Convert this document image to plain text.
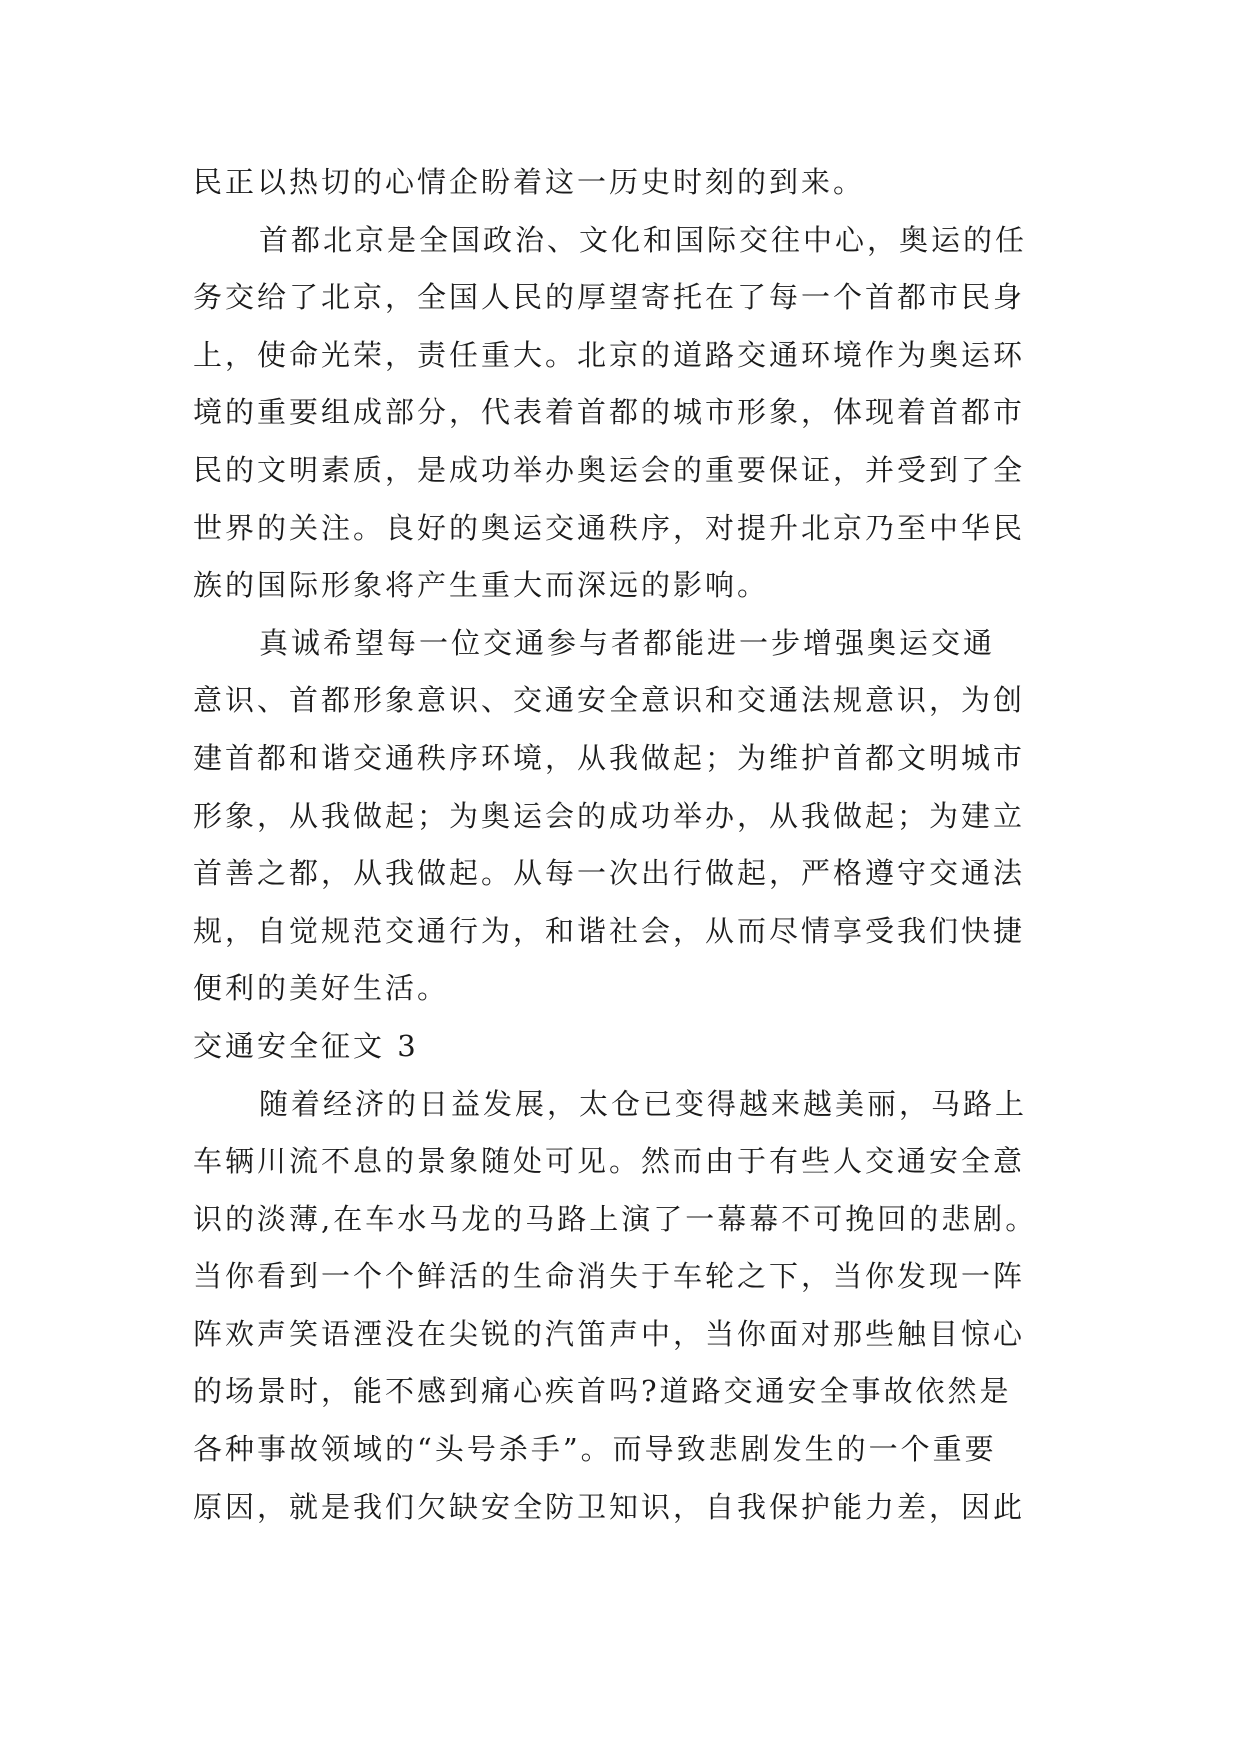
民正以热切的心情企盼着这一历史时刻的到来。
首都北京是全国政治、文化和国际交往中心，奥运的任
务交给了北京，全国人民的厚望寄托在了每一个首都市民身
上，使命光荣，责任重大。北京的道路交通环境作为奥运环
境的重要组成部分，代表着首都的城市形象，体现着首都市
民的文明素质，是成功举办奥运会的重要保证，并受到了全
世界的关注。良好的奥运交通秩序，对提升北京乃至中华民
族的国际形象将产生重大而深远的影响。
真诚希望每一位交通参与者都能进一步增强奥运交通
意识、首都形象意识、交通安全意识和交通法规意识，为创
建首都和谐交通秩序环境，从我做起；为维护首都文明城市
形象，从我做起；为奥运会的成功举办，从我做起；为建立
首善之都，从我做起。从每一次出行做起，严格遵守交通法
规，自觉规范交通行为，和谐社会，从而尽情享受我们快捷
便利的美好生活。
交通安全征文 3
随着经济的日益发展，太仓已变得越来越美丽，马路上
车辆川流不息的景象随处可见。然而由于有些人交通安全意
识的淡薄,在车水马龙的马路上演了一幕幕不可挽回的悲剧。
当你看到一个个鲜活的生命消失于车轮之下，当你发现一阵
阵欢声笑语湮没在尖锐的汽笛声中，当你面对那些触目惊心
的场景时，能不感到痛心疾首吗?道路交通安全事故依然是
各种事故领域的“头号杀手”。而导致悲剧发生的一个重要
原因，就是我们欠缺安全防卫知识，自我保护能力差，因此
